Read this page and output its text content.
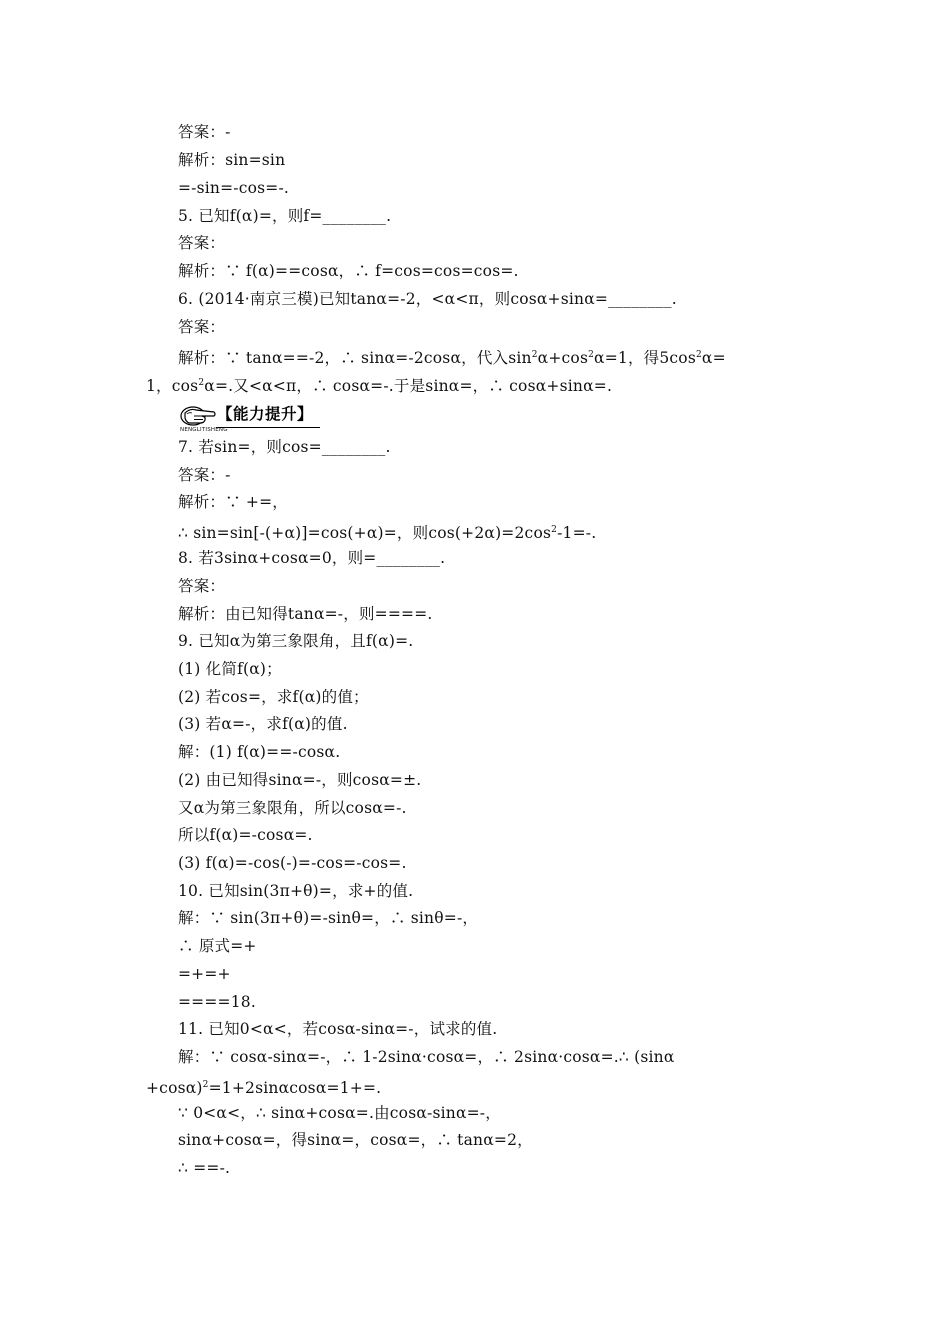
答案：-
解析：sin=sin
=-sin=-cos=-.
5. 已知f(α)=，则f=________.
答案：
解析：∵ f(α)==cosα，∴ f=cos=cos=cos=.
6. (2014·南京三模)已知tanα=-2，<α<π，则cosα+sinα=________.
答案：
解析：∵ tanα==-2，∴ sinα=-2cosα，代入$\sin^2\alpha+\cos^2\alpha=1$，得$5\cos^2\alpha=$
1，$\cos^2\alpha=$.又<α<π，∴ cosα=-.于是sinα=，∴ cosα+sinα=.
【能力提升】
NENGLITISHENG
7. 若sin=，则cos=________.
答案：-
解析：∵ +=，
∴ sin=sin[-(+α)]=cos(+α)=，则$\cos(+2\alpha)=2\cos^2-1=-$.
8. 若3sinα+cosα=0，则=________.
答案：
解析：由已知得tanα=-，则====.
9. 已知α为第三象限角，且f(α)=.
(1) 化简f(α)；
(2) 若cos=，求f(α)的值；
(3) 若α=-，求f(α)的值.
解：(1) f(α)==-cosα.
(2) 由已知得sinα=-，则cosα=±.
又α为第三象限角，所以cosα=-.
所以f(α)=-cosα=.
(3) f(α)=-cos(-)=-cos=-cos=.
10. 已知sin(3π+θ)=，求+的值.
解：∵ sin(3π+θ)=-sinθ=，∴ sinθ=-，
∴ 原式=+
=+=+
====18.
11. 已知0<α<，若cosα-sinα=-，试求的值.
解：∵ cosα-sinα=-，∴ 1-2sinα·cosα=，∴ 2sinα·cosα=.∴ (sinα
+cosα)$^2$=1+2sinαcosα=1+=.
∵ 0<α<，∴ sinα+cosα=.由cosα-sinα=-，
sinα+cosα=，得sinα=，cosα=，∴ tanα=2，
∴ ==-.
